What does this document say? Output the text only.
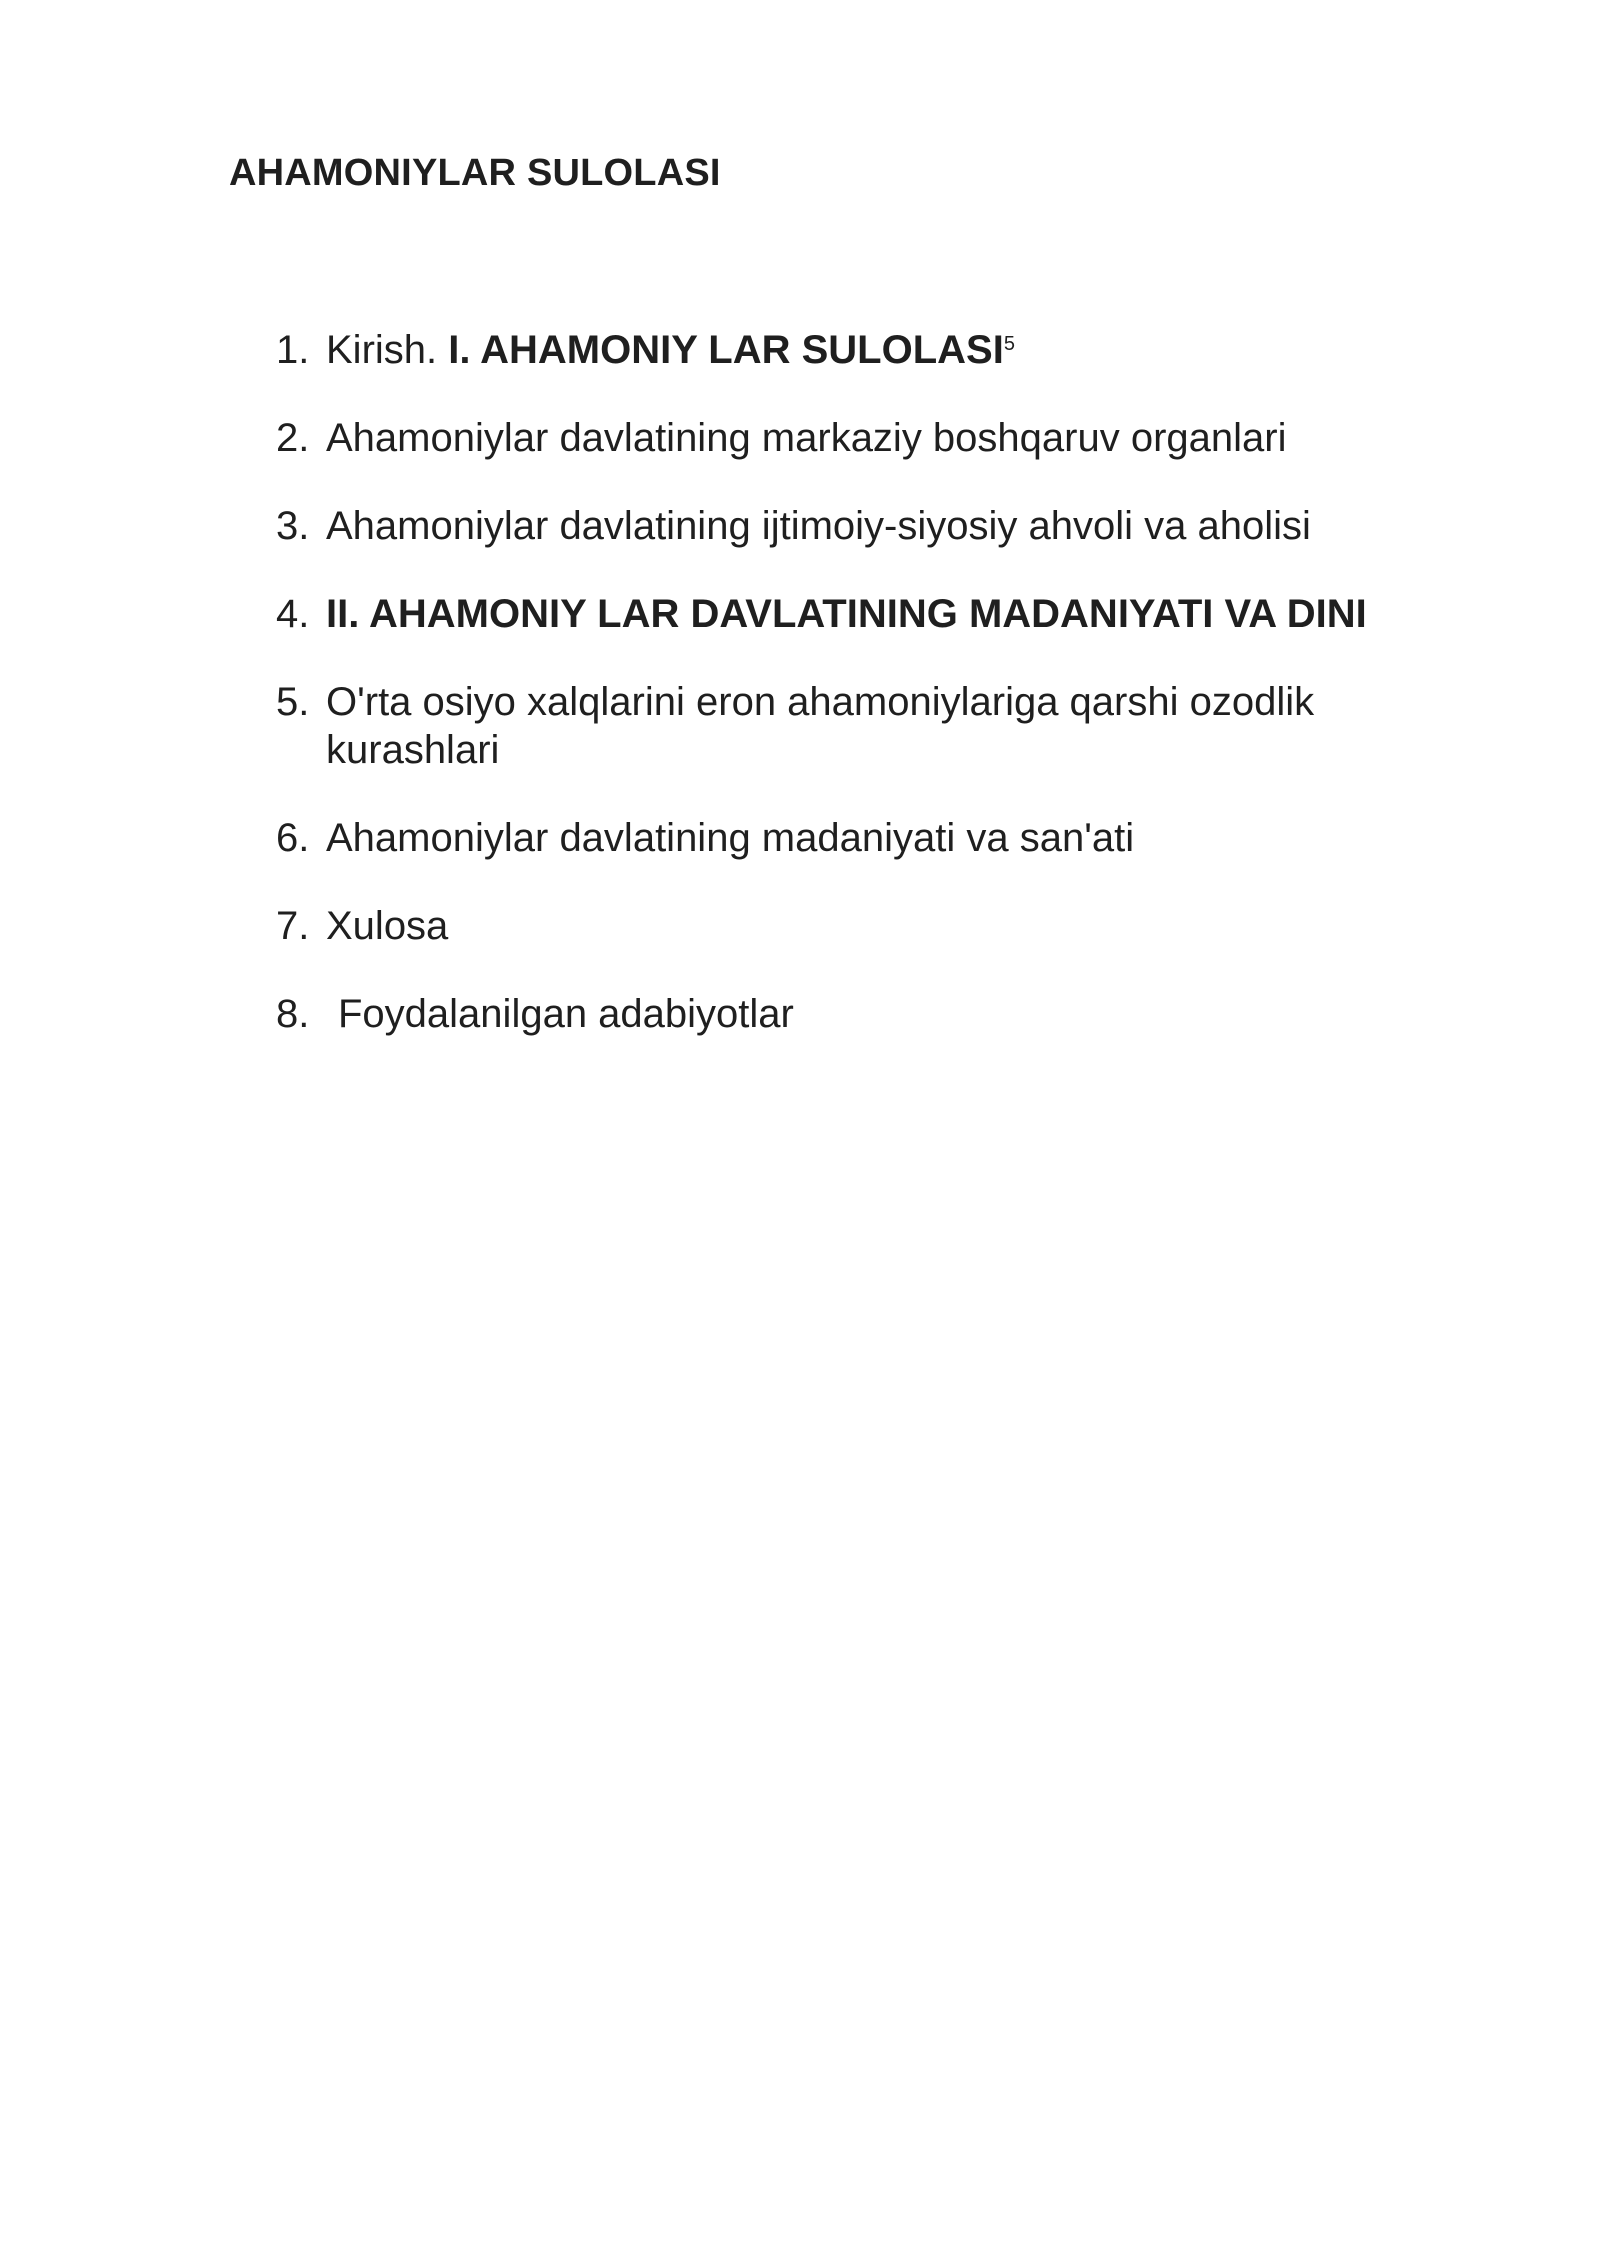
AHAMONIYLAR SULOLASI
1. Kirish. I. AHAMONIY LAR SULOLASI$^5$
2. Ahamoniylar davlatining markaziy boshqaruv organlari
3. Ahamoniylar davlatining ijtimoiy-siyosiy ahvoli va aholisi
4. II. AHAMONIY LAR DAVLATINING MADANIYATI VA DINI
5. O'rta osiyo xalqlarini eron ahamoniylariga qarshi ozodlik kurashlari
6. Ahamoniylar davlatining madaniyati va san'ati
7. Xulosa
8. Foydalanilgan adabiyotlar
